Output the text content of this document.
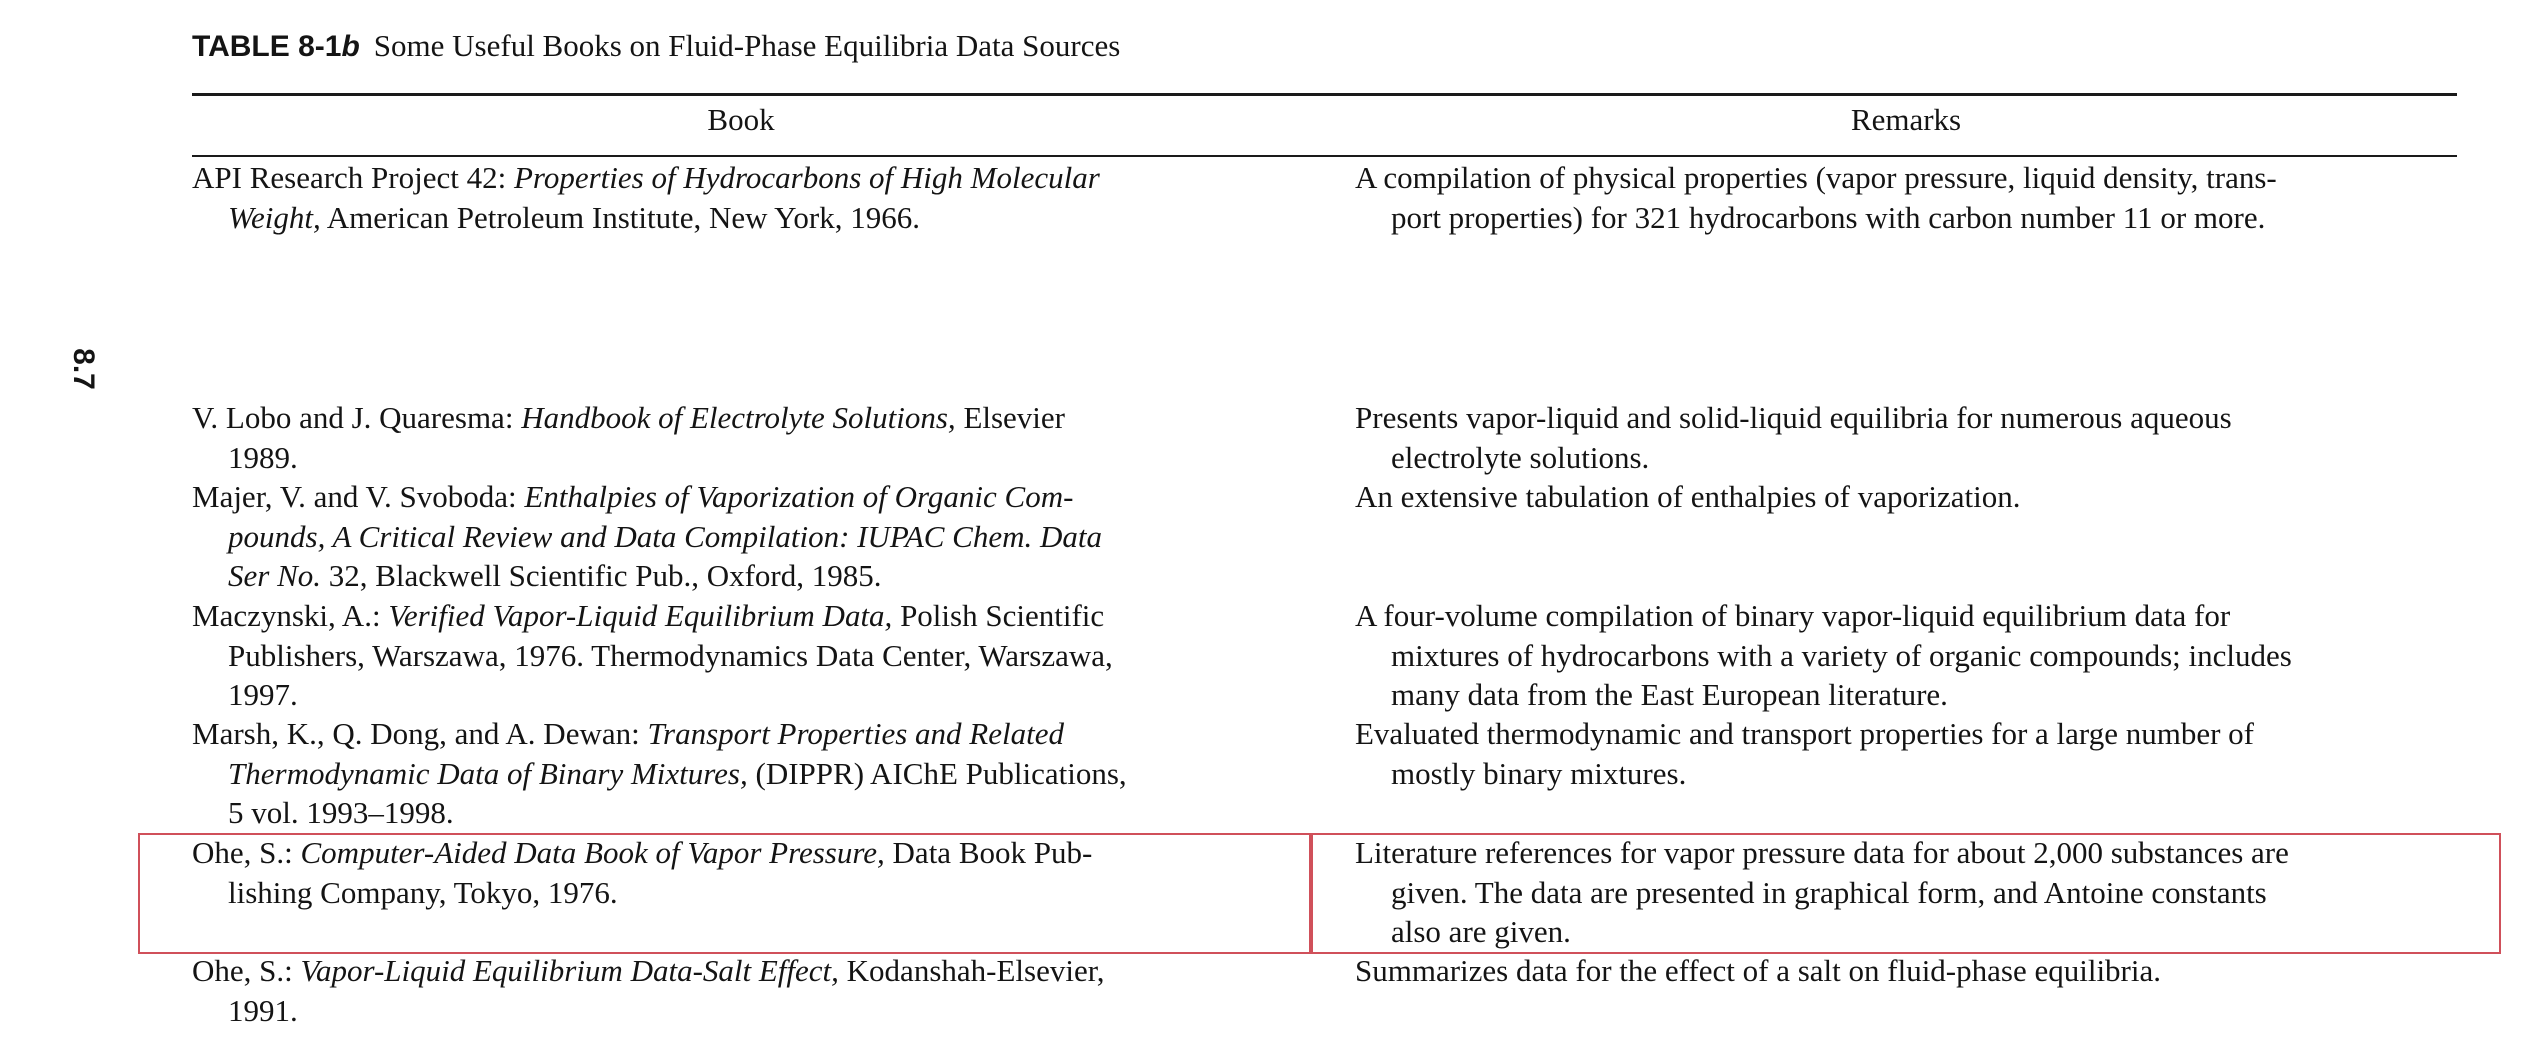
TABLE 8-1b Some Useful Books on Fluid-Phase Equilibria Data Sources
Book	Remarks
8.7
API Research Project 42: Properties of Hydrocarbons of High Molecular
Weight, American Petroleum Institute, New York, 1966.
A compilation of physical properties (vapor pressure, liquid density, trans-
port properties) for 321 hydrocarbons with carbon number 11 or more.
V. Lobo and J. Quaresma: Handbook of Electrolyte Solutions, Elsevier
1989.
Presents vapor-liquid and solid-liquid equilibria for numerous aqueous
electrolyte solutions.
Majer, V. and V. Svoboda: Enthalpies of Vaporization of Organic Com-
pounds, A Critical Review and Data Compilation: IUPAC Chem. Data
Ser No. 32, Blackwell Scientific Pub., Oxford, 1985.
An extensive tabulation of enthalpies of vaporization.
Maczynski, A.: Verified Vapor-Liquid Equilibrium Data, Polish Scientific
Publishers, Warszawa, 1976. Thermodynamics Data Center, Warszawa,
1997.
A four-volume compilation of binary vapor-liquid equilibrium data for
mixtures of hydrocarbons with a variety of organic compounds; includes
many data from the East European literature.
Marsh, K., Q. Dong, and A. Dewan: Transport Properties and Related
Thermodynamic Data of Binary Mixtures, (DIPPR) AIChE Publications,
5 vol. 1993–1998.
Evaluated thermodynamic and transport properties for a large number of
mostly binary mixtures.
Ohe, S.: Computer-Aided Data Book of Vapor Pressure, Data Book Pub-
lishing Company, Tokyo, 1976.
Literature references for vapor pressure data for about 2,000 substances are
given. The data are presented in graphical form, and Antoine constants
also are given.
Ohe, S.: Vapor-Liquid Equilibrium Data-Salt Effect, Kodanshah-Elsevier,
1991.
Summarizes data for the effect of a salt on fluid-phase equilibria.
